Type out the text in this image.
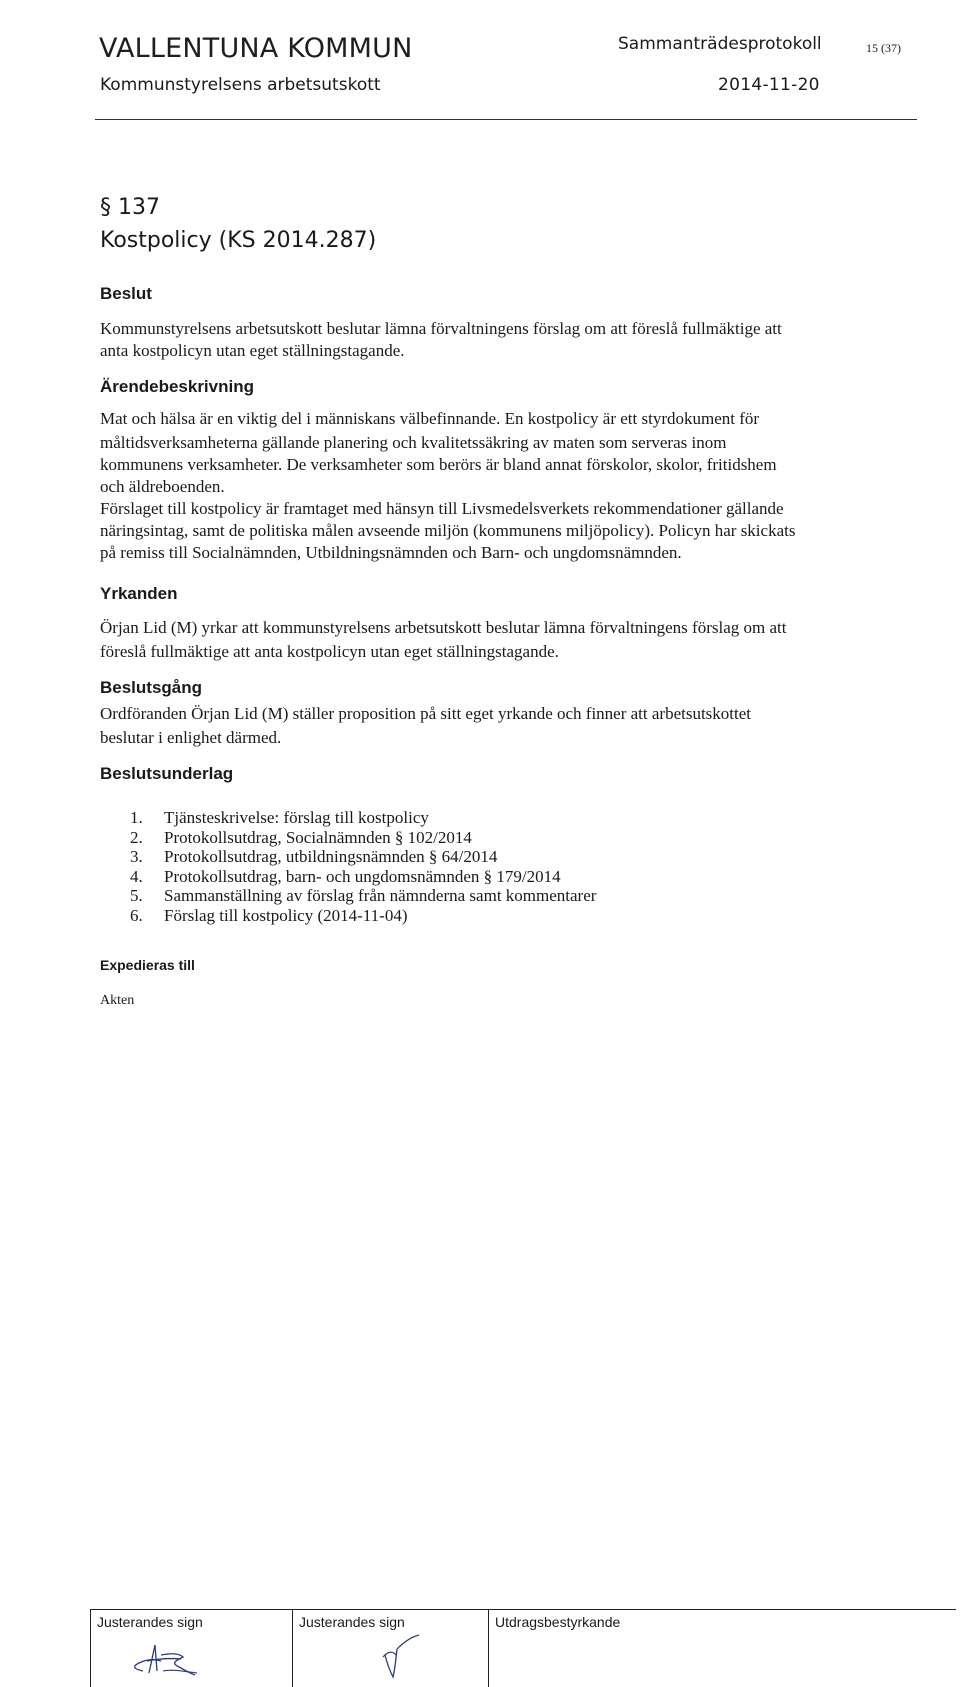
VALLENTUNA KOMMUN	Sammanträdesprotokoll	15 (37)
Kommunstyrelsens arbetsutskott	2014-11-20
§ 137
Kostpolicy (KS 2014.287)
Beslut
Kommunstyrelsens arbetsutskott beslutar lämna förvaltningens förslag om att föreslå fullmäktige att
anta kostpolicyn utan eget ställningstagande.
Ärendebeskrivning
Mat och hälsa är en viktig del i människans välbefinnande. En kostpolicy är ett styrdokument för
måltidsverksamheterna gällande planering och kvalitetssäkring av maten som serveras inom
kommunens verksamheter. De verksamheter som berörs är bland annat förskolor, skolor, fritidshem
och äldreboenden.
Förslaget till kostpolicy är framtaget med hänsyn till Livsmedelsverkets rekommendationer gällande
näringsintag, samt de politiska målen avseende miljön (kommunens miljöpolicy). Policyn har skickats
på remiss till Socialnämnden, Utbildningsnämnden och Barn- och ungdomsnämnden.
Yrkanden
Örjan Lid (M) yrkar att kommunstyrelsens arbetsutskott beslutar lämna förvaltningens förslag om att
föreslå fullmäktige att anta kostpolicyn utan eget ställningstagande.
Beslutsgång
Ordföranden Örjan Lid (M) ställer proposition på sitt eget yrkande och finner att arbetsutskottet
beslutar i enlighet därmed.
Beslutsunderlag
1.	Tjänsteskrivelse: förslag till kostpolicy
2.	Protokollsutdrag, Socialnämnden § 102/2014
3.	Protokollsutdrag, utbildningsnämnden § 64/2014
4.	Protokollsutdrag, barn- och ungdomsnämnden § 179/2014
5.	Sammanställning av förslag från nämnderna samt kommentarer
6.	Förslag till kostpolicy (2014-11-04)
Expedieras till
Akten
Justerandes sign	Justerandes sign	Utdragsbestyrkande
